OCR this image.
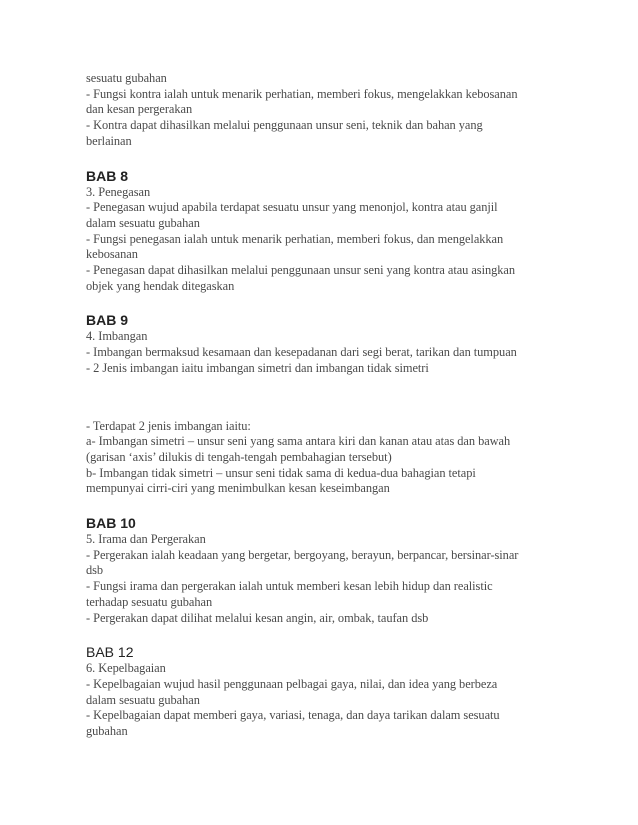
sesuatu gubahan
- Fungsi kontra ialah untuk menarik perhatian, memberi fokus, mengelakkan kebosanan
dan kesan pergerakan
- Kontra dapat dihasilkan melalui penggunaan unsur seni, teknik dan bahan yang
berlainan
BAB 8
3. Penegasan
- Penegasan wujud apabila terdapat sesuatu unsur yang menonjol, kontra atau ganjil
dalam sesuatu gubahan
- Fungsi penegasan ialah untuk menarik perhatian, memberi fokus, dan mengelakkan
kebosanan
- Penegasan dapat dihasilkan melalui penggunaan unsur seni yang kontra atau asingkan
objek yang hendak ditegaskan
BAB 9
4. Imbangan
- Imbangan bermaksud kesamaan dan kesepadanan dari segi berat, tarikan dan tumpuan
- 2 Jenis imbangan iaitu imbangan simetri dan imbangan tidak simetri
- Terdapat 2 jenis imbangan iaitu:
a- Imbangan simetri – unsur seni yang sama antara kiri dan kanan atau atas dan bawah
(garisan ‘axis’ dilukis di tengah-tengah pembahagian tersebut)
b- Imbangan tidak simetri – unsur seni tidak sama di kedua-dua bahagian tetapi
mempunyai cirri-ciri yang menimbulkan kesan keseimbangan
BAB 10
5. Irama dan Pergerakan
- Pergerakan ialah keadaan yang bergetar, bergoyang, berayun, berpancar, bersinar-sinar
dsb
- Fungsi irama dan pergerakan ialah untuk memberi kesan lebih hidup dan realistic
terhadap sesuatu gubahan
- Pergerakan dapat dilihat melalui kesan angin, air, ombak, taufan dsb
BAB 12
6. Kepelbagaian
- Kepelbagaian wujud hasil penggunaan pelbagai gaya, nilai, dan idea yang berbeza
dalam sesuatu gubahan
- Kepelbagaian dapat memberi gaya, variasi, tenaga, dan daya tarikan dalam sesuatu
gubahan
